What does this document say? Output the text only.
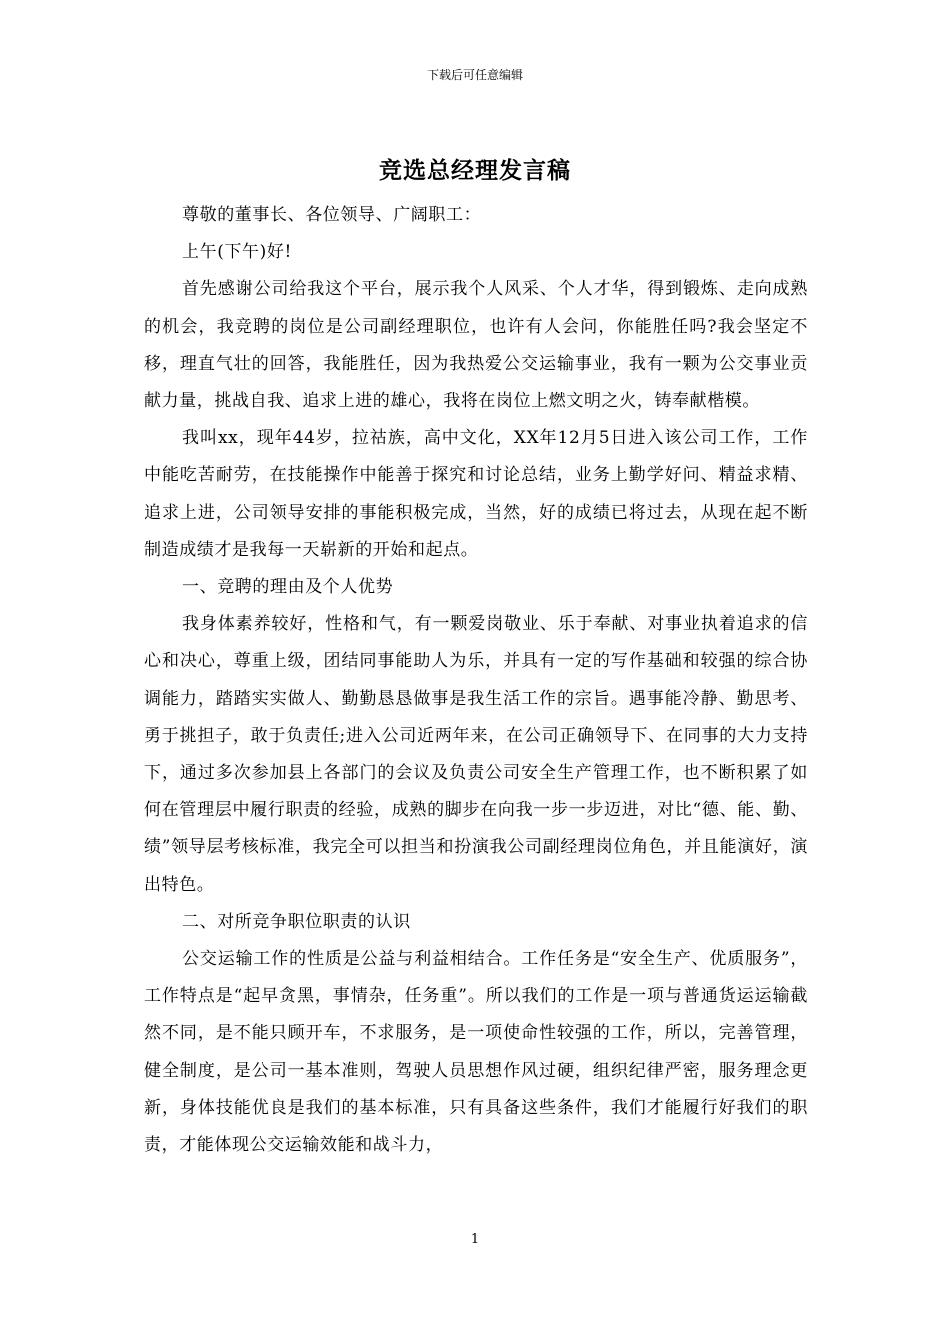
下载后可任意编辑
竞选总经理发言稿

尊敬的董事长、各位领导、广阔职工：

上午(下午)好!

首先感谢公司给我这个平台，展示我个人风采、个人才华，得到锻炼、走向成熟的机会，我竞聘的岗位是公司副经理职位，也许有人会问，你能胜任吗?我会坚定不移，理直气壮的回答，我能胜任，因为我热爱公交运输事业，我有一颗为公交事业贡献力量，挑战自我、追求上进的雄心，我将在岗位上燃文明之火，铸奉献楷模。

我叫xx，现年44岁，拉祜族，高中文化，XX年12月5日进入该公司工作，工作中能吃苦耐劳，在技能操作中能善于探究和讨论总结，业务上勤学好问、精益求精、追求上进，公司领导安排的事能积极完成，当然，好的成绩已将过去，从现在起不断制造成绩才是我每一天崭新的开始和起点。

一、竞聘的理由及个人优势

我身体素养较好，性格和气，有一颗爱岗敬业、乐于奉献、对事业执着追求的信心和决心，尊重上级，团结同事能助人为乐，并具有一定的写作基础和较强的综合协调能力，踏踏实实做人、勤勤恳恳做事是我生活工作的宗旨。遇事能冷静、勤思考、勇于挑担子，敢于负责任;进入公司近两年来，在公司正确领导下、在同事的大力支持下，通过多次参加县上各部门的会议及负责公司安全生产管理工作，也不断积累了如何在管理层中履行职责的经验，成熟的脚步在向我一步一步迈进，对比“德、能、勤、绩”领导层考核标准，我完全可以担当和扮演我公司副经理岗位角色，并且能演好，演出特色。

二、对所竞争职位职责的认识

公交运输工作的性质是公益与利益相结合。工作任务是“安全生产、优质服务”，工作特点是“起早贪黑，事情杂，任务重”。所以我们的工作是一项与普通货运运输截然不同，是不能只顾开车，不求服务，是一项使命性较强的工作，所以，完善管理，健全制度，是公司一基本准则，驾驶人员思想作风过硬，组织纪律严密，服务理念更新，身体技能优良是我们的基本标准，只有具备这些条件，我们才能履行好我们的职责，才能体现公交运输效能和战斗力，

1
